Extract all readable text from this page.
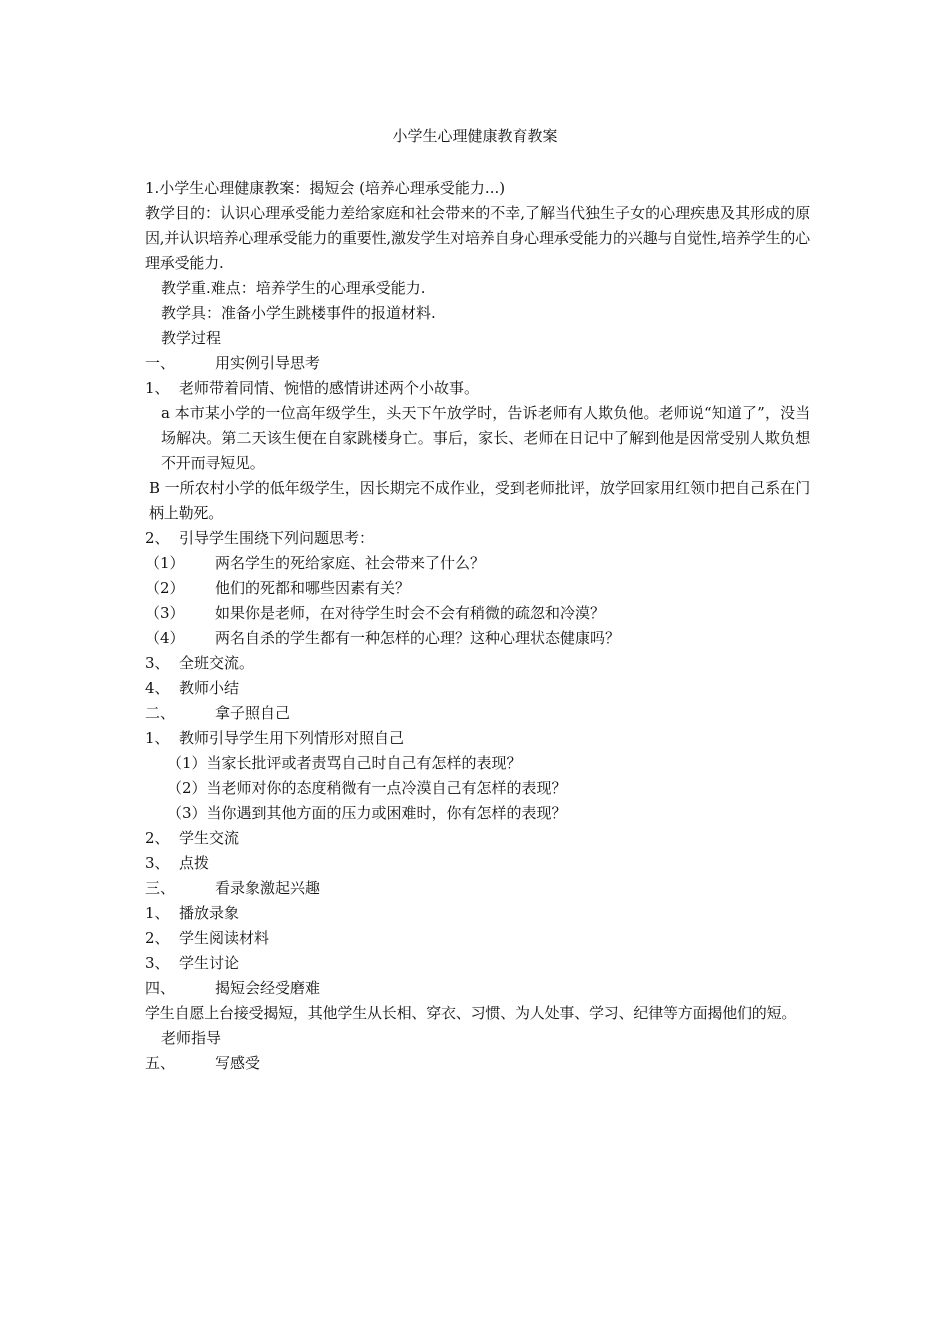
小学生心理健康教育教案
1.小学生心理健康教案：揭短会 (培养心理承受能力...)
教学目的：认识心理承受能力差给家庭和社会带来的不幸,了解当代独生子女的心理疾患及其形成的原因,并认识培养心理承受能力的重要性,激发学生对培养自身心理承受能力的兴趣与自觉性,培养学生的心理承受能力.
教学重.难点：培养学生的心理承受能力.
教学具：准备小学生跳楼事件的报道材料.
教学过程
一、	用实例引导思考
1、 老师带着同情、惋惜的感情讲述两个小故事。
a 本市某小学的一位高年级学生，头天下午放学时，告诉老师有人欺负他。老师说“知道了”，没当场解决。第二天该生便在自家跳楼身亡。事后，家长、老师在日记中了解到他是因常受别人欺负想不开而寻短见。
B 一所农村小学的低年级学生，因长期完不成作业，受到老师批评，放学回家用红领巾把自己系在门柄上勒死。
2、 引导学生围绕下列问题思考：
（1） 两名学生的死给家庭、社会带来了什么？
（2） 他们的死都和哪些因素有关？
（3） 如果你是老师，在对待学生时会不会有稍微的疏忽和冷漠？
（4） 两名自杀的学生都有一种怎样的心理？这种心理状态健康吗？
3、 全班交流。
4、 教师小结
二、	拿子照自己
1、 教师引导学生用下列情形对照自己
（1）当家长批评或者责骂自己时自己有怎样的表现？
（2）当老师对你的态度稍微有一点冷漠自己有怎样的表现？
（3）当你遇到其他方面的压力或困难时，你有怎样的表现？
2、 学生交流
3、 点拨
三、	看录象激起兴趣
1、 播放录象
2、 学生阅读材料
3、 学生讨论
四、	揭短会经受磨难
学生自愿上台接受揭短，其他学生从长相、穿衣、习惯、为人处事、学习、纪律等方面揭他们的短。
老师指导
五、	写感受
